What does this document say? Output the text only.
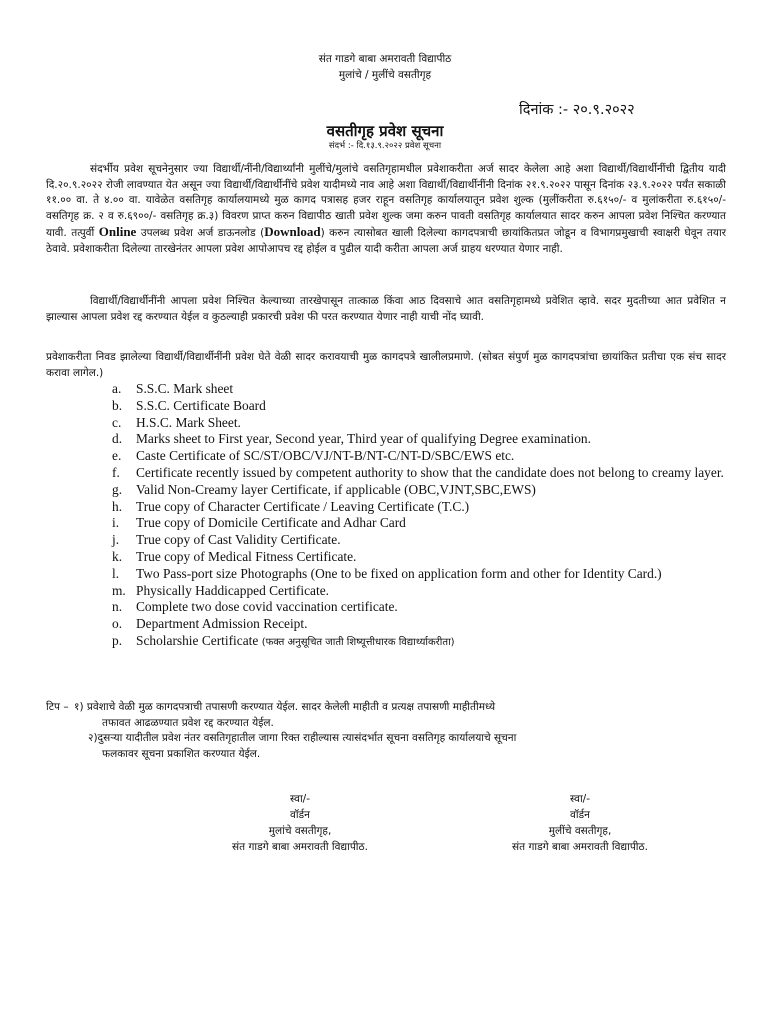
संत गाडगे बाबा अमरावती विद्यापीठ
मुलांचे / मुलींचे वसतीगृह
दिनांक :- २०.९.२०२२
वसतीगृह प्रवेश सूचना
संदर्भ :- दि.१३.९.२०२२ प्रवेश सूचना

संदर्भीय प्रवेश सूचनेनुसार ज्या विद्यार्थी/नींनी/विद्यार्थ्यांनी मुलींचे/मुलांचे वसतिगृहामधील प्रवेशाकरीता अर्ज सादर केलेला आहे अशा विद्यार्थी/विद्यार्थीनींची द्वितीय यादी दि.२०.९.२०२२ रोजी लावण्यात येत असून ज्या विद्यार्थी/विद्यार्थीनींचे प्रवेश यादीमध्ये नाव आहे अशा विद्यार्थी/विद्यार्थीनींनी दिनांक २१.९.२०२२ पासून दिनांक २३.९.२०२२ पर्यंत सकाळी ११.०० वा. ते ४.०० वा. यावेळेत वसतिगृह कार्यालयामध्ये मुळ कागद पत्रासह हजर राहून वसतिगृह कार्यालयातून प्रवेश शुल्क (मुलींकरीता रु.६१५०/- व मुलांकरीता रु.६१५०/- वसतिगृह क्र. २ व रु.६९००/- वसतिगृह क्र.३) विवरण प्राप्त करुन विद्यापीठ खाती प्रवेश शुल्क जमा करुन पावती वसतिगृह कार्यालयात सादर करुन आपला प्रवेश निश्चित करण्यात यावी. तत्पुर्वी Online उपलब्ध प्रवेश अर्ज डाऊनलोड (Download) करुन त्यासोबत खाली दिलेल्या कागदपत्राची छायांकितप्रत जोडून व विभागप्रमुखाची स्वाक्षरी घेवून तयार ठेवावे. प्रवेशाकरीता दिलेल्या तारखेनंतर आपला प्रवेश आपोआपच रद्द होईल व पुढील यादी करीता आपला अर्ज ग्राहय धरण्यात येणार नाही.

विद्यार्थी/विद्यार्थीनींनी आपला प्रवेश निश्चित केल्याच्या तारखेपासून तात्काळ किंवा आठ दिवसाचे आत वसतिगृहामध्ये प्रवेशित व्हावे. सदर मुदतीच्या आत प्रवेशित न झाल्यास आपला प्रवेश रद्द करण्यात येईल व कुठल्याही प्रकारची प्रवेश फी परत करण्यात येणार नाही याची नोंद घ्यावी.

प्रवेशाकरीता निवड झालेल्या विद्यार्थी/विद्यार्थीनींनी प्रवेश घेते वेळी सादर करावयाची मुळ कागदपत्रे खालीलप्रमाणे. (सोबत संपुर्ण मुळ कागदपत्रांचा छायांकित प्रतीचा एक संच सादर करावा लागेल.)

a. S.S.C. Mark sheet
b. S.S.C. Certificate Board
c. H.S.C. Mark Sheet.
d. Marks sheet to First year, Second year, Third year of qualifying Degree examination.
e. Caste Certificate of SC/ST/OBC/VJ/NT-B/NT-C/NT-D/SBC/EWS etc.
f. Certificate recently issued by competent authority to show that the candidate does not belong to creamy layer.
g. Valid Non-Creamy layer Certificate, if applicable (OBC,VJNT,SBC,EWS)
h. True copy of Character Certificate / Leaving Certificate (T.C.)
i. True copy of Domicile Certificate and Adhar Card
j. True copy of Cast Validity Certificate.
k. True copy of Medical Fitness Certificate.
l. Two Pass-port size Photographs (One to be fixed on application form and other for Identity Card.)
m. Physically Haddicapped Certificate.
n. Complete two dose covid vaccination certificate.
o. Department Admission Receipt.
p. Scholarshie Certificate (फक्त अनुसूचित जाती शिष्यूत्तीधारक विद्यार्थ्याकरीता)
टिप – १) प्रवेशाचे वेळी मुळ कागदपत्राची तपासणी करण्यात येईल. सादर केलेली माहीती व प्रत्यक्ष तपासणी माहीतीमध्ये
तफावत आढळण्यात प्रवेश रद्द करण्यात येईल.
२)दुसऱ्या यादीतील प्रवेश नंतर वसतिगृहातील जागा रिक्त राहील्यास त्यासंदर्भात सूचना वसतिगृह कार्यालयाचे सूचना
फलकावर सूचना प्रकाशित करण्यात येईल.
स्वा/-
वॉर्डन
मुलांचे वसतीगृह,
संत गाडगे बाबा अमरावती विद्यापीठ.
स्वा/-
वॉर्डन
मुलींचे वसतीगृह,
संत गाडगे बाबा अमरावती विद्यापीठ.
